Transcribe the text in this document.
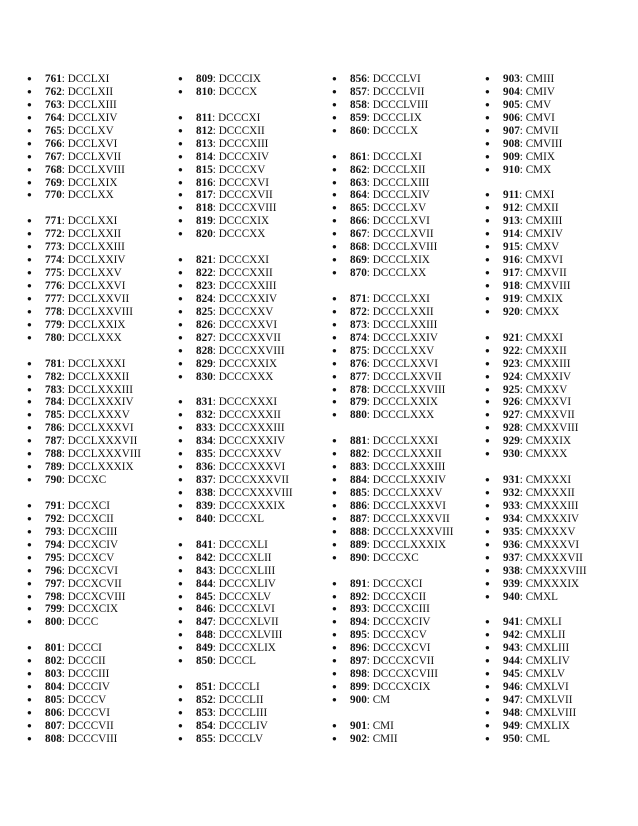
● 761: DCCLXI
● 762: DCCLXII
● 763: DCCLXIII
● 764: DCCLXIV
● 765: DCCLXV
● 766: DCCLXVI
● 767: DCCLXVII
● 768: DCCLXVIII
● 769: DCCLXIX
● 770: DCCLXX
● 771: DCCLXXI
● 772: DCCLXXII
● 773: DCCLXXIII
● 774: DCCLXXIV
● 775: DCCLXXV
● 776: DCCLXXVI
● 777: DCCLXXVII
● 778: DCCLXXVIII
● 779: DCCLXXIX
● 780: DCCLXXX
● 781: DCCLXXXI
● 782: DCCLXXXII
● 783: DCCLXXXIII
● 784: DCCLXXXIV
● 785: DCCLXXXV
● 786: DCCLXXXVI
● 787: DCCLXXXVII
● 788: DCCLXXXVIII
● 789: DCCLXXXIX
● 790: DCCXC
● 791: DCCXCI
● 792: DCCXCII
● 793: DCCXCIII
● 794: DCCXCIV
● 795: DCCXCV
● 796: DCCXCVI
● 797: DCCXCVII
● 798: DCCXCVIII
● 799: DCCXCIX
● 800: DCCC
● 801: DCCCI
● 802: DCCCII
● 803: DCCCIII
● 804: DCCCIV
● 805: DCCCV
● 806: DCCCVI
● 807: DCCCVII
● 808: DCCCVIII
● 809: DCCCIX
● 810: DCCCX
● 811: DCCCXI
● 812: DCCCXII
● 813: DCCCXIII
● 814: DCCCXIV
● 815: DCCCXV
● 816: DCCCXVI
● 817: DCCCXVII
● 818: DCCCXVIII
● 819: DCCCXIX
● 820: DCCCXX
● 821: DCCCXXI
● 822: DCCCXXII
● 823: DCCCXXIII
● 824: DCCCXXIV
● 825: DCCCXXV
● 826: DCCCXXVI
● 827: DCCCXXVII
● 828: DCCCXXVIII
● 829: DCCCXXIX
● 830: DCCCXXX
● 831: DCCCXXXI
● 832: DCCCXXXII
● 833: DCCCXXXIII
● 834: DCCCXXXIV
● 835: DCCCXXXV
● 836: DCCCXXXVI
● 837: DCCCXXXVII
● 838: DCCCXXXVIII
● 839: DCCCXXXIX
● 840: DCCCXL
● 841: DCCCXLI
● 842: DCCCXLII
● 843: DCCCXLIII
● 844: DCCCXLIV
● 845: DCCCXLV
● 846: DCCCXLVI
● 847: DCCCXLVII
● 848: DCCCXLVIII
● 849: DCCCXLIX
● 850: DCCCL
● 851: DCCCLI
● 852: DCCCLII
● 853: DCCCLIII
● 854: DCCCLIV
● 855: DCCCLV
● 856: DCCCLVI
● 857: DCCCLVII
● 858: DCCCLVIII
● 859: DCCCLIX
● 860: DCCCLX
● 861: DCCCLXI
● 862: DCCCLXII
● 863: DCCCLXIII
● 864: DCCCLXIV
● 865: DCCCLXV
● 866: DCCCLXVI
● 867: DCCCLXVII
● 868: DCCCLXVIII
● 869: DCCCLXIX
● 870: DCCCLXX
● 871: DCCCLXXI
● 872: DCCCLXXII
● 873: DCCCLXXIII
● 874: DCCCLXXIV
● 875: DCCCLXXV
● 876: DCCCLXXVI
● 877: DCCCLXXVII
● 878: DCCCLXXVIII
● 879: DCCCLXXIX
● 880: DCCCLXXX
● 881: DCCCLXXXI
● 882: DCCCLXXXII
● 883: DCCCLXXXIII
● 884: DCCCLXXXIV
● 885: DCCCLXXXV
● 886: DCCCLXXXVI
● 887: DCCCLXXXVII
● 888: DCCCLXXXVIII
● 889: DCCCLXXXIX
● 890: DCCCXC
● 891: DCCCXCI
● 892: DCCCXCII
● 893: DCCCXCIII
● 894: DCCCXCIV
● 895: DCCCXCV
● 896: DCCCXCVI
● 897: DCCCXCVII
● 898: DCCCXCVIII
● 899: DCCCXCIX
● 900: CM
● 901: CMI
● 902: CMII
● 903: CMIII
● 904: CMIV
● 905: CMV
● 906: CMVI
● 907: CMVII
● 908: CMVIII
● 909: CMIX
● 910: CMX
● 911: CMXI
● 912: CMXII
● 913: CMXIII
● 914: CMXIV
● 915: CMXV
● 916: CMXVI
● 917: CMXVII
● 918: CMXVIII
● 919: CMXIX
● 920: CMXX
● 921: CMXXI
● 922: CMXXII
● 923: CMXXIII
● 924: CMXXIV
● 925: CMXXV
● 926: CMXXVI
● 927: CMXXVII
● 928: CMXXVIII
● 929: CMXXIX
● 930: CMXXX
● 931: CMXXXI
● 932: CMXXXII
● 933: CMXXXIII
● 934: CMXXXIV
● 935: CMXXXV
● 936: CMXXXVI
● 937: CMXXXVII
● 938: CMXXXVIII
● 939: CMXXXIX
● 940: CMXL
● 941: CMXLI
● 942: CMXLII
● 943: CMXLIII
● 944: CMXLIV
● 945: CMXLV
● 946: CMXLVI
● 947: CMXLVII
● 948: CMXLVIII
● 949: CMXLIX
● 950: CML
